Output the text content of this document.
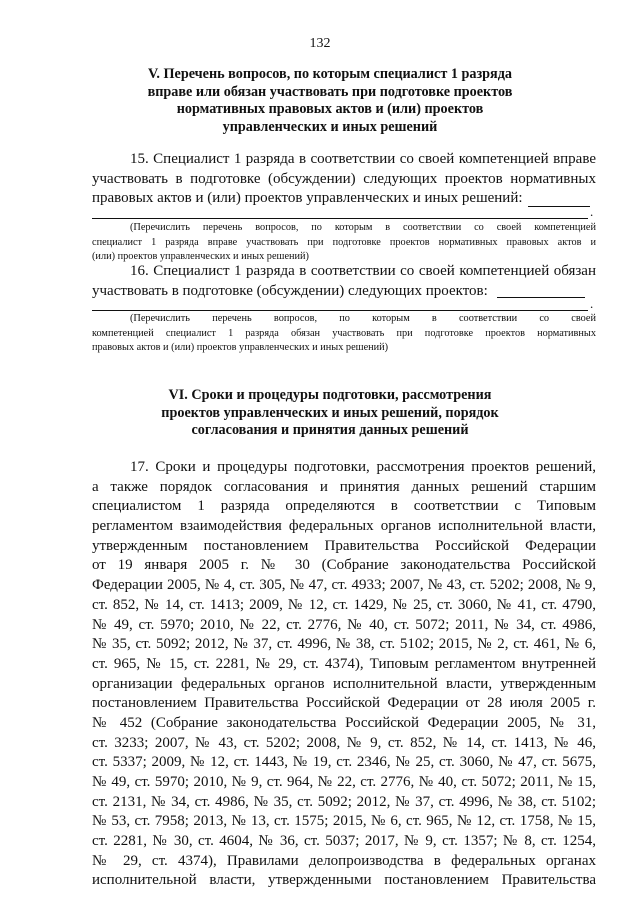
132
V. Перечень вопросов, по которым специалист 1 разряда
вправе или обязан участвовать при подготовке проектов
нормативных правовых актов и (или) проектов
управленческих и иных решений
15. Специалист 1 разряда в соответствии со своей компетенцией вправе
участвовать в подготовке (обсуждении) следующих проектов нормативных
правовых актов и (или) проектов управленческих и иных решений:
.
(Перечислить перечень вопросов, по которым в соответствии со своей компетенцией
специалист 1 разряда вправе участвовать при подготовке проектов нормативных правовых актов и
(или) проектов управленческих и иных решений)
16. Специалист 1 разряда в соответствии со своей компетенцией обязан
участвовать в подготовке (обсуждении) следующих проектов:
.
(Перечислить перечень вопросов, по которым в соответствии со своей
компетенцией специалист 1 разряда обязан участвовать при подготовке проектов нормативных
правовых актов и (или) проектов управленческих и иных решений)
VI. Сроки и процедуры подготовки, рассмотрения
проектов управленческих и иных решений, порядок
согласования и принятия данных решений
17. Сроки и процедуры подготовки, рассмотрения проектов решений,
а также порядок согласования и принятия данных решений старшим
специалистом 1 разряда определяются в соответствии с Типовым
регламентом взаимодействия федеральных органов исполнительной власти,
утвержденным постановлением Правительства Российской Федерации
от 19 января 2005 г. № 30 (Собрание законодательства Российской
Федерации 2005, № 4, ст. 305, № 47, ст. 4933; 2007, № 43, ст. 5202; 2008, № 9,
ст. 852, № 14, ст. 1413; 2009, № 12, ст. 1429, № 25, ст. 3060, № 41, ст. 4790,
№ 49, ст. 5970; 2010, № 22, ст. 2776, № 40, ст. 5072; 2011, № 34, ст. 4986,
№ 35, ст. 5092; 2012, № 37, ст. 4996, № 38, ст. 5102; 2015, № 2, ст. 461, № 6,
ст. 965, № 15, ст. 2281, № 29, ст. 4374), Типовым регламентом внутренней
организации федеральных органов исполнительной власти, утвержденным
постановлением Правительства Российской Федерации от 28 июля 2005 г.
№ 452 (Собрание законодательства Российской Федерации 2005, № 31,
ст. 3233; 2007, № 43, ст. 5202; 2008, № 9, ст. 852, № 14, ст. 1413, № 46,
ст. 5337; 2009, № 12, ст. 1443, № 19, ст. 2346, № 25, ст. 3060, № 47, ст. 5675,
№ 49, ст. 5970; 2010, № 9, ст. 964, № 22, ст. 2776, № 40, ст. 5072; 2011, № 15,
ст. 2131, № 34, ст. 4986, № 35, ст. 5092; 2012, № 37, ст. 4996, № 38, ст. 5102;
№ 53, ст. 7958; 2013, № 13, ст. 1575; 2015, № 6, ст. 965, № 12, ст. 1758, № 15,
ст. 2281, № 30, ст. 4604, № 36, ст. 5037; 2017, № 9, ст. 1357; № 8, ст. 1254,
№ 29, ст. 4374), Правилами делопроизводства в федеральных органах
исполнительной власти, утвержденными постановлением Правительства
